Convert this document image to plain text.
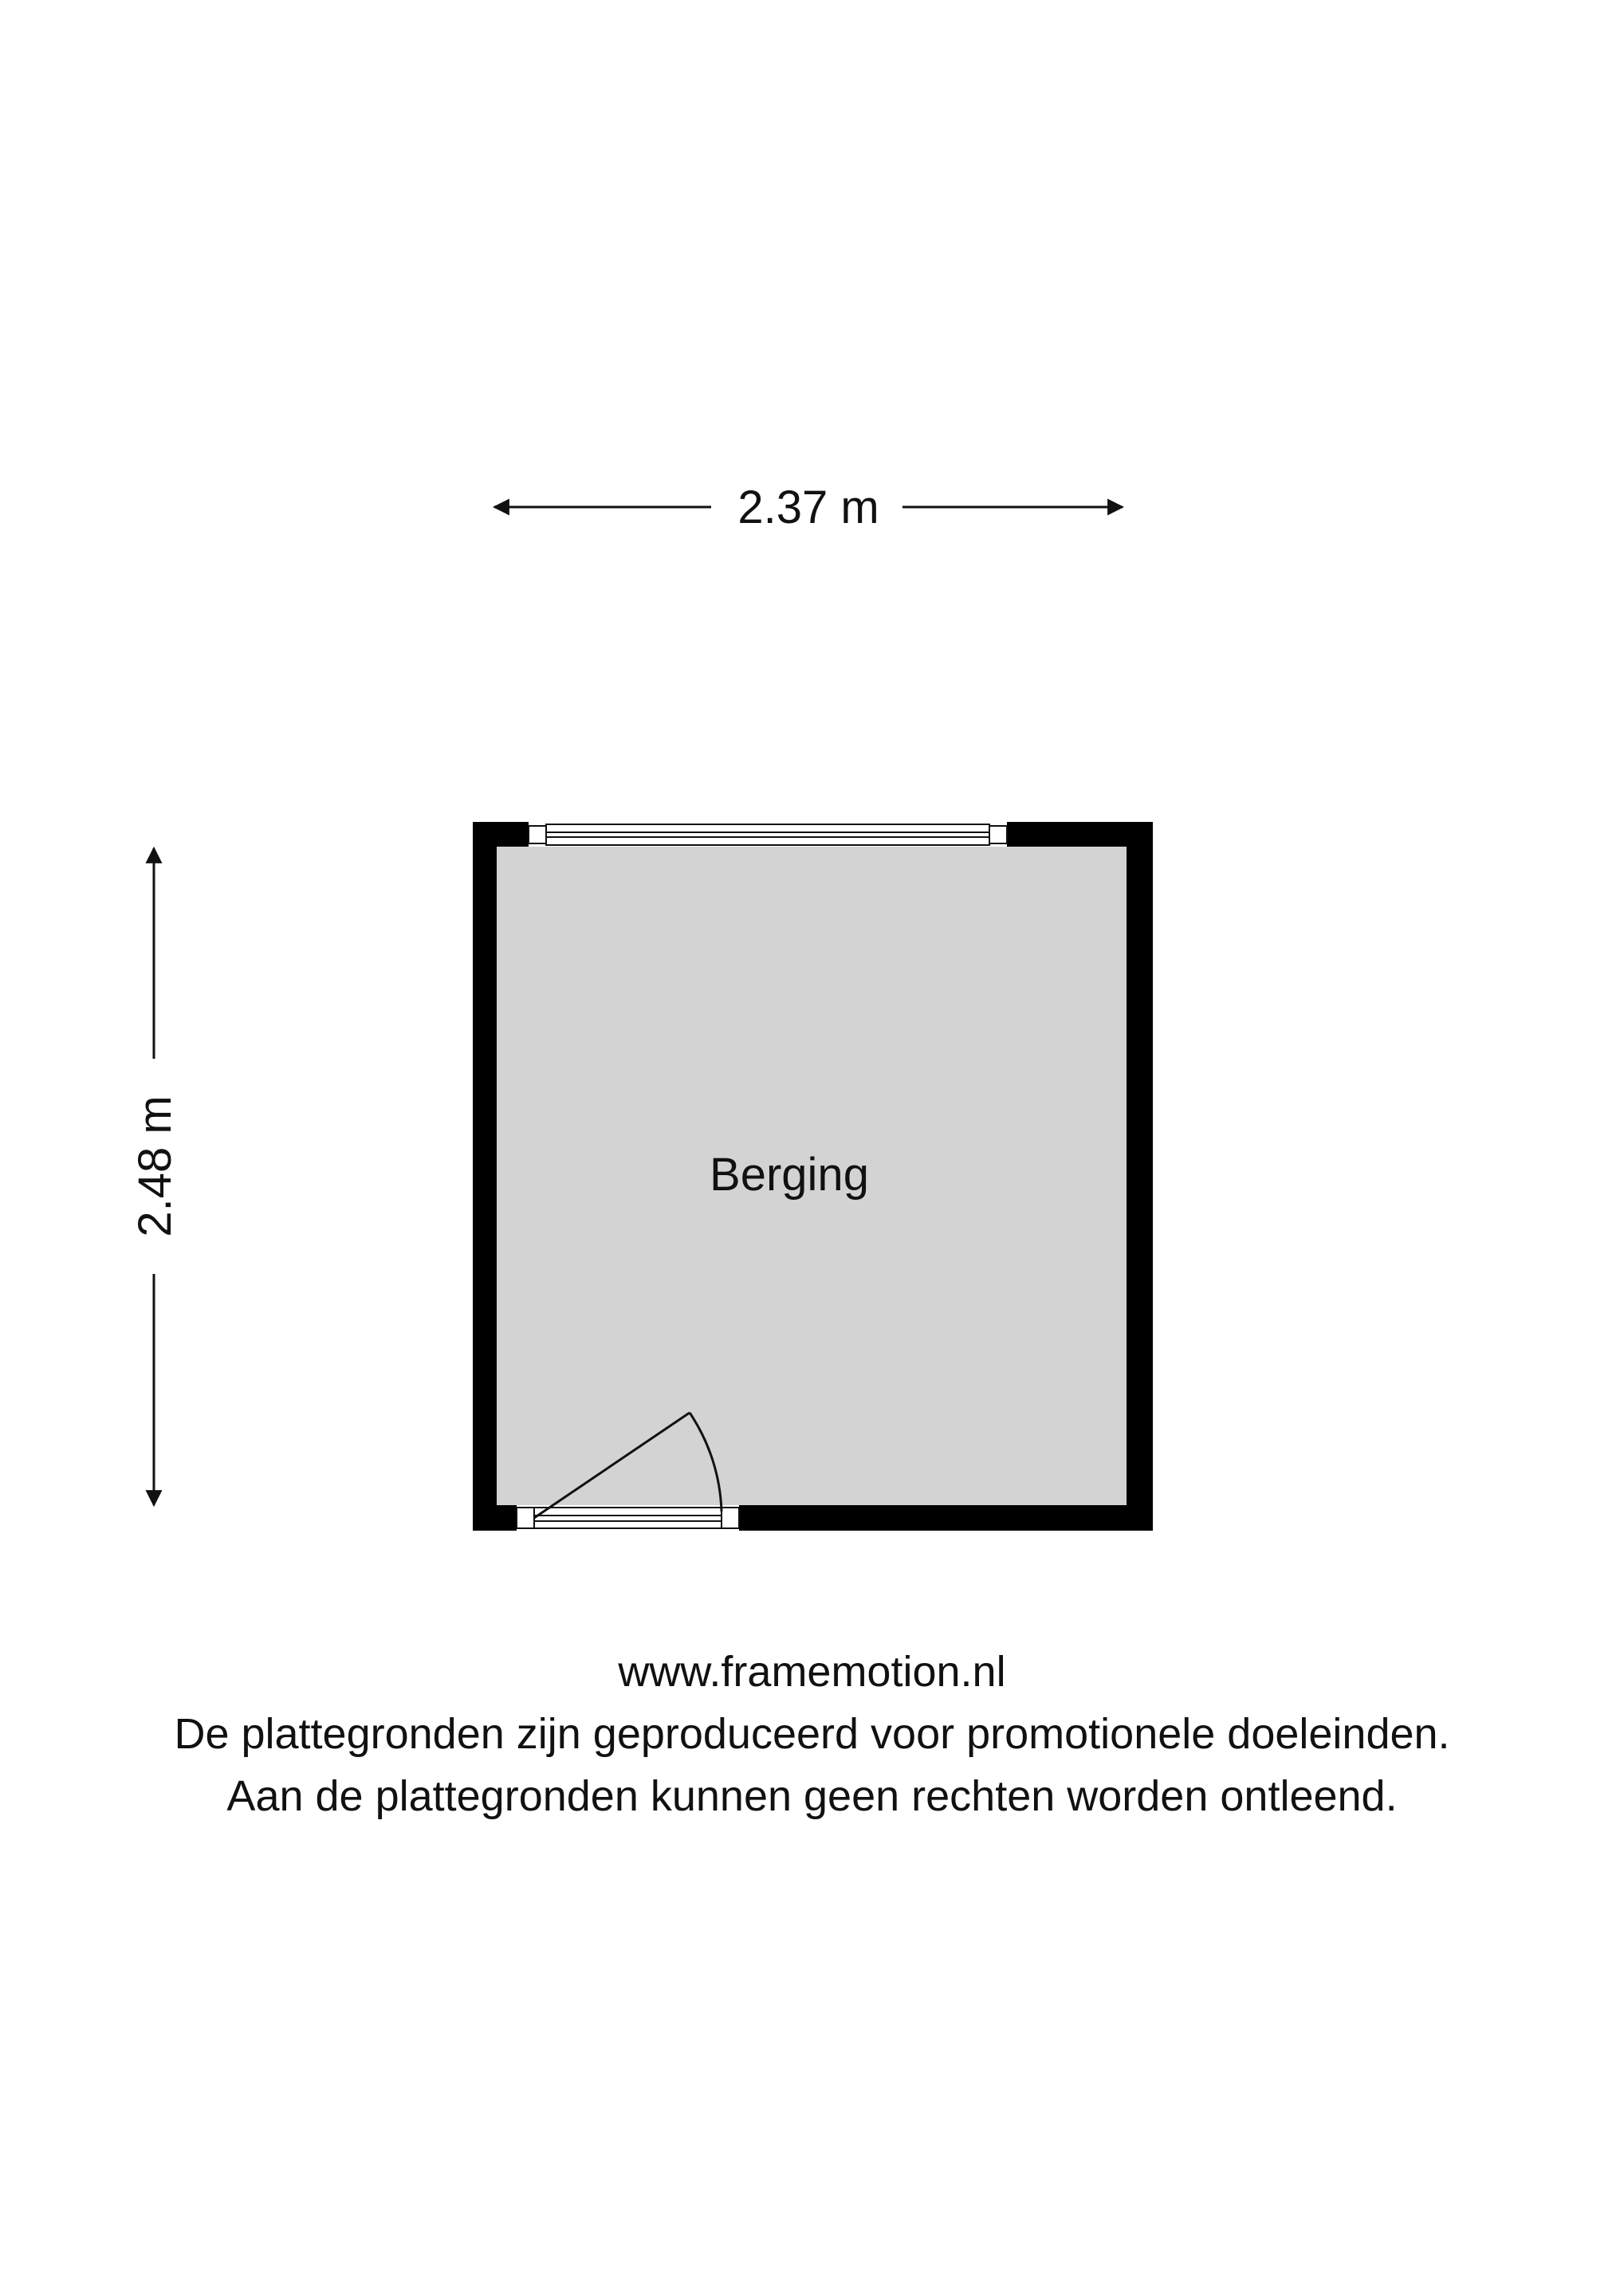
2.37 m
2.48 m	Berging
www.framemotion.nl
De plattegronden zijn geproduceerd voor promotionele doeleinden.
Aan de plattegronden kunnen geen rechten worden ontleend.
